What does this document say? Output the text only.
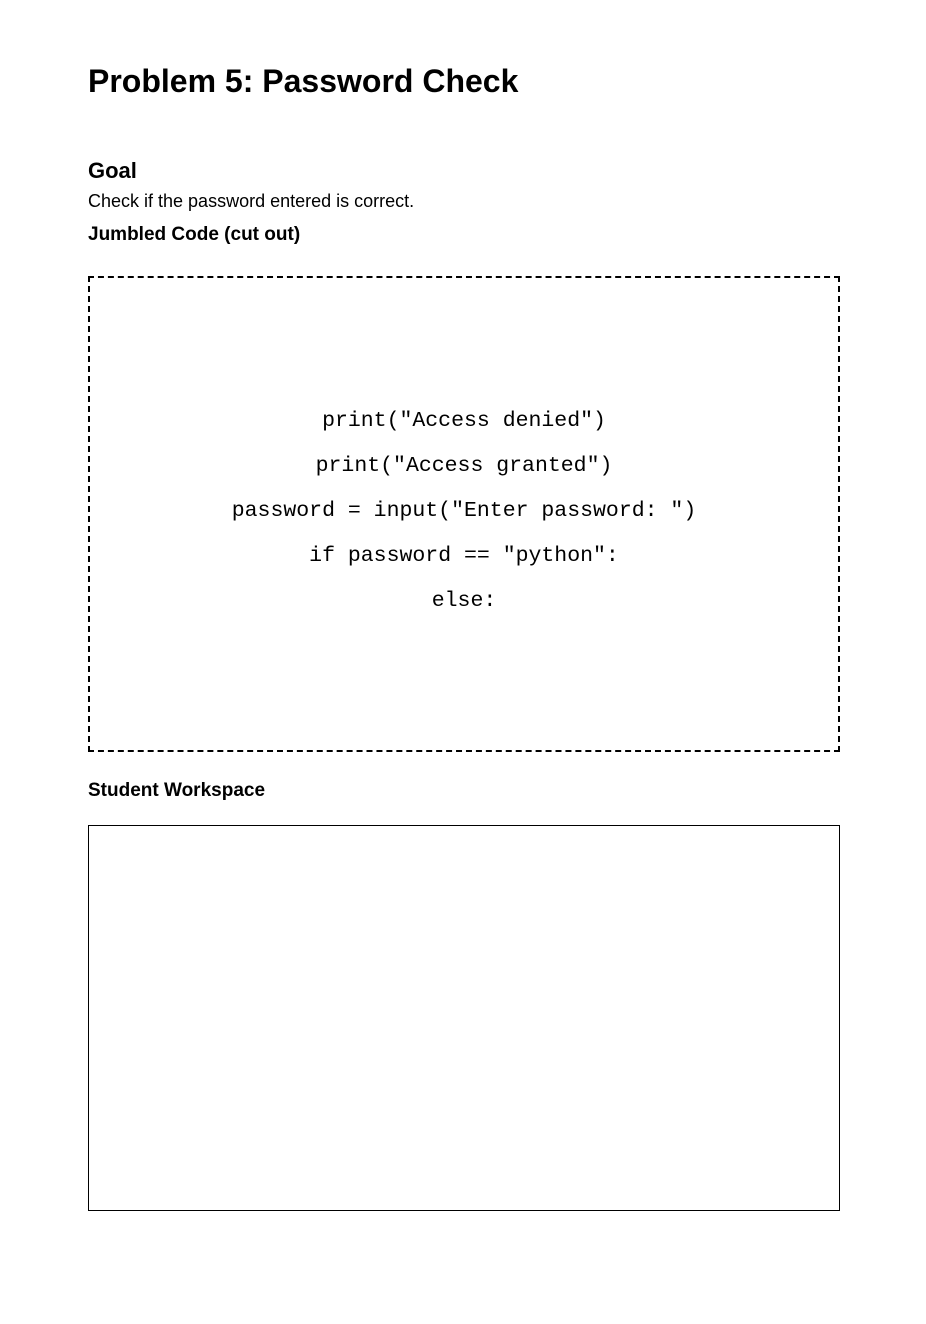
Problem 5: Password Check
Goal

Check if the password entered is correct.

Jumbled Code (cut out)
print("Access denied")
print("Access granted")
password = input("Enter password: ")
if password == "python":
else:
Student Workspace
